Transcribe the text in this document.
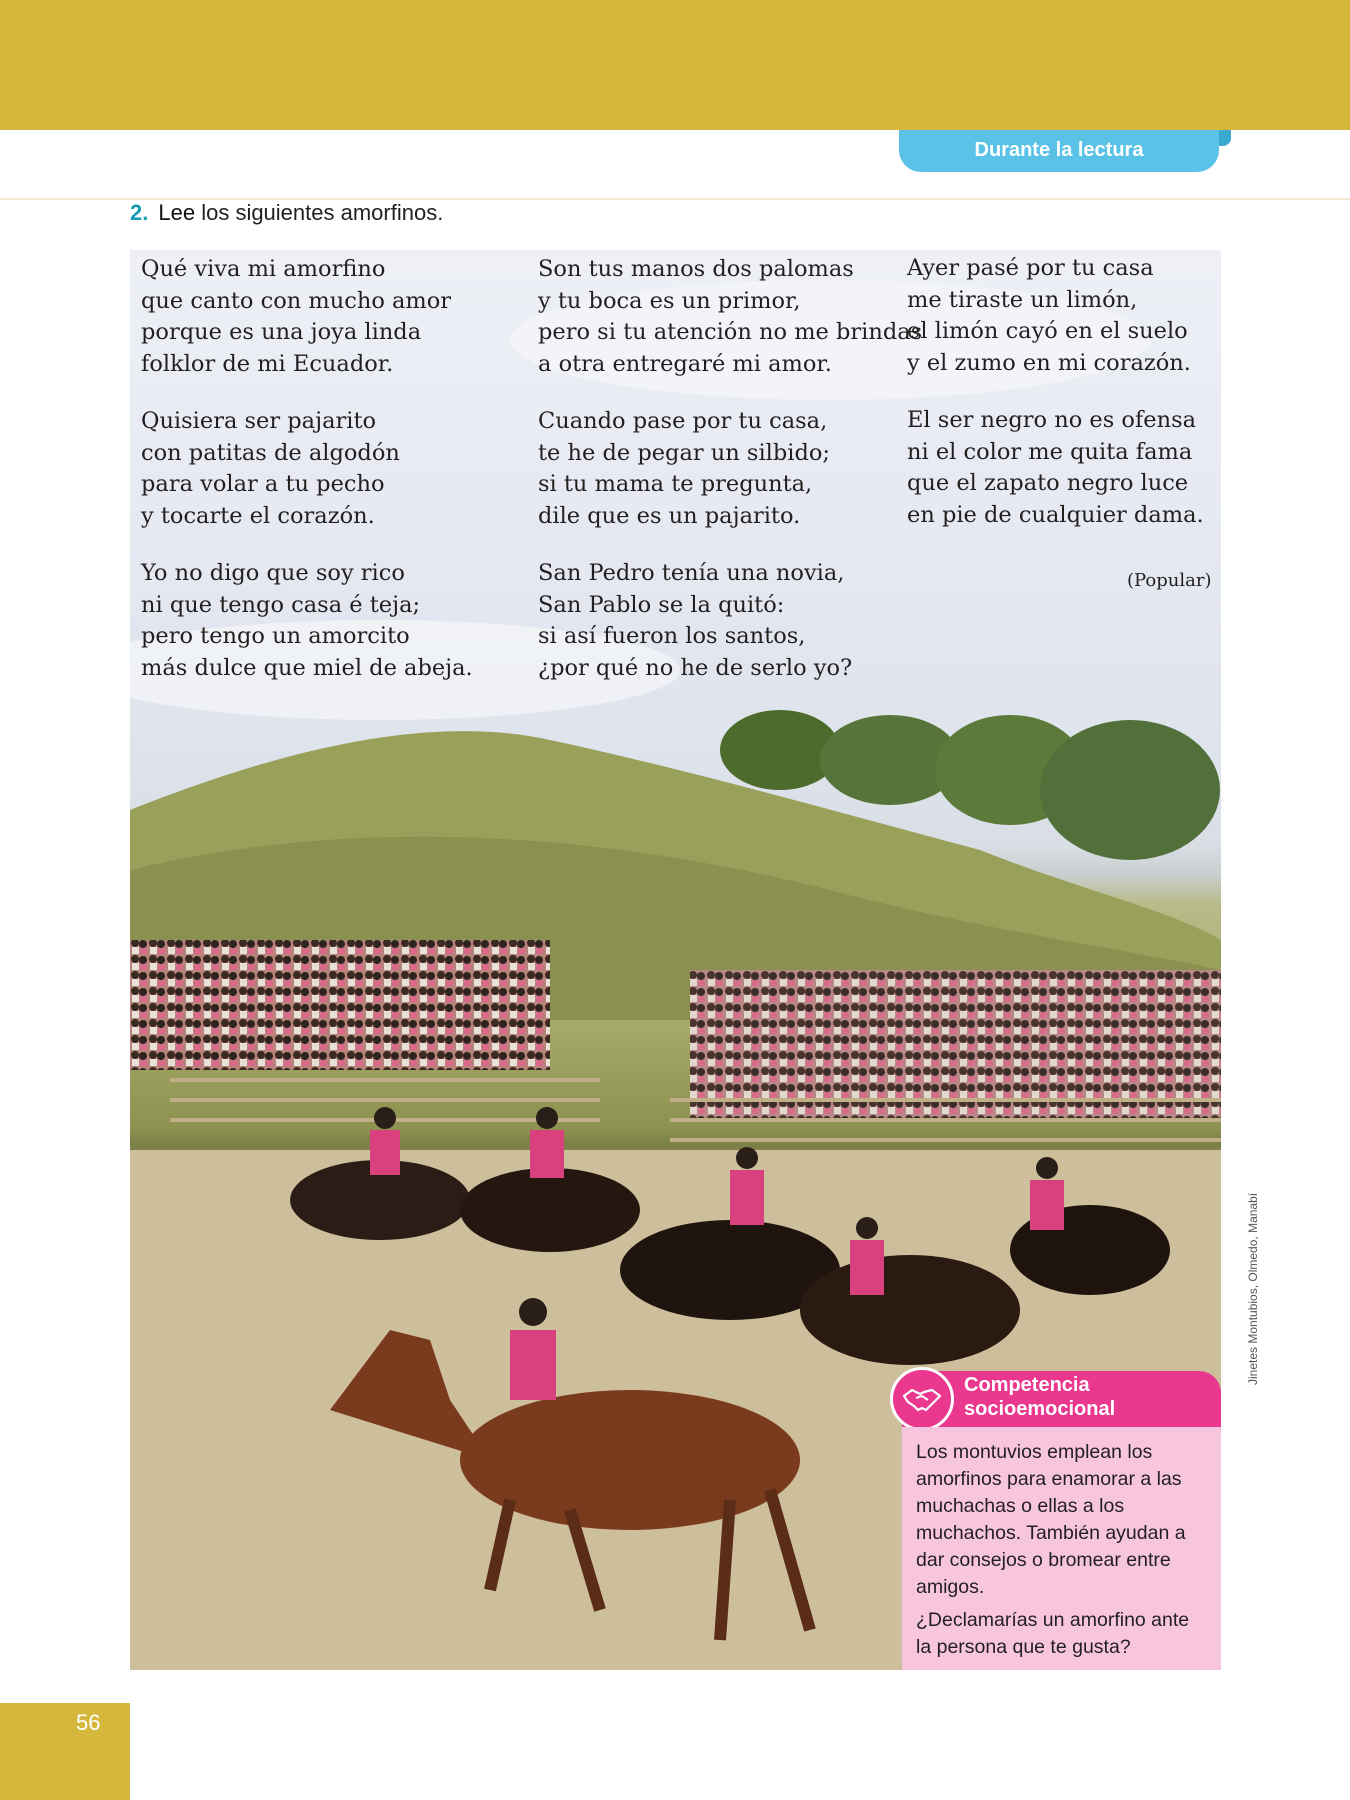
Durante la lectura
2. Lee los siguientes amorfinos.
Qué viva mi amorfino
que canto con mucho amor
porque es una joya linda
folklor de mi Ecuador.
Quisiera ser pajarito
con patitas de algodón
para volar a tu pecho
y tocarte el corazón.
Yo no digo que soy rico
ni que tengo casa é teja;
pero tengo un amorcito
más dulce que miel de abeja.
Son tus manos dos palomas
y tu boca es un primor,
pero si tu atención no me brindas
a otra entregaré mi amor.
Cuando pase por tu casa,
te he de pegar un silbido;
si tu mama te pregunta,
dile que es un pajarito.
San Pedro tenía una novia,
San Pablo se la quitó:
si así fueron los santos,
¿por qué no he de serlo yo?
Ayer pasé por tu casa
me tiraste un limón,
el limón cayó en el suelo
y el zumo en mi corazón.
El ser negro no es ofensa
ni el color me quita fama
que el zapato negro luce
en pie de cualquier dama.
(Popular)
Jinetes Montubios, Olmedo, Manabí
Competencia
socioemocional

Los montuvios emplean los amorfinos para enamorar a las muchachas o ellas a los muchachos. También ayudan a dar consejos o bromear entre amigos.

¿Declamarías un amorfino ante la persona que te gusta?

56
